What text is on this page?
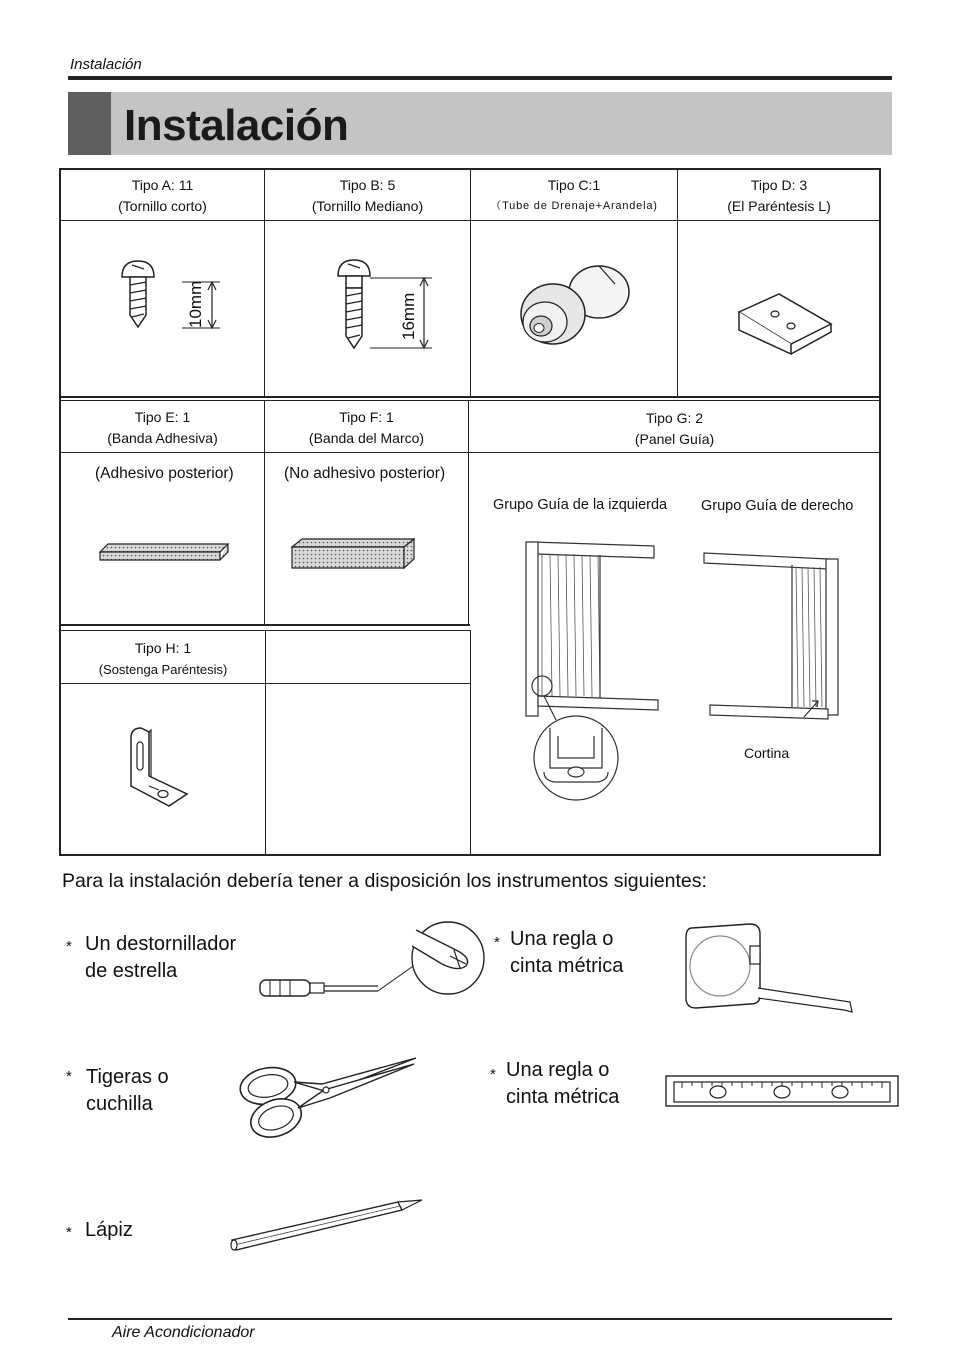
Instalación
Instalación
Tipo A: 11
(Tornillo corto)
Tipo B: 5
(Tornillo Mediano)
Tipo C:1
（Tube de Drenaje+Arandela)
Tipo D: 3
(El Paréntesis L)
10mm	16mm
Tipo E: 1
(Banda Adhesiva)
Tipo F: 1
(Banda del Marco)
Tipo G: 2
(Panel Guía)
(Adhesivo posterior)	(No adhesivo posterior)
Grupo Guía de la izquierda Grupo Guía de derecho
Cortina
Tipo H: 1
(Sostenga Paréntesis)
Para la instalación debería tener a disposición los instrumentos siguientes:
* Un destornillador
de estrella
* Una regla o
cinta métrica
* Tigeras o
cuchilla
* Una regla o
cinta métrica
* Lápiz
Aire Acondicionador
